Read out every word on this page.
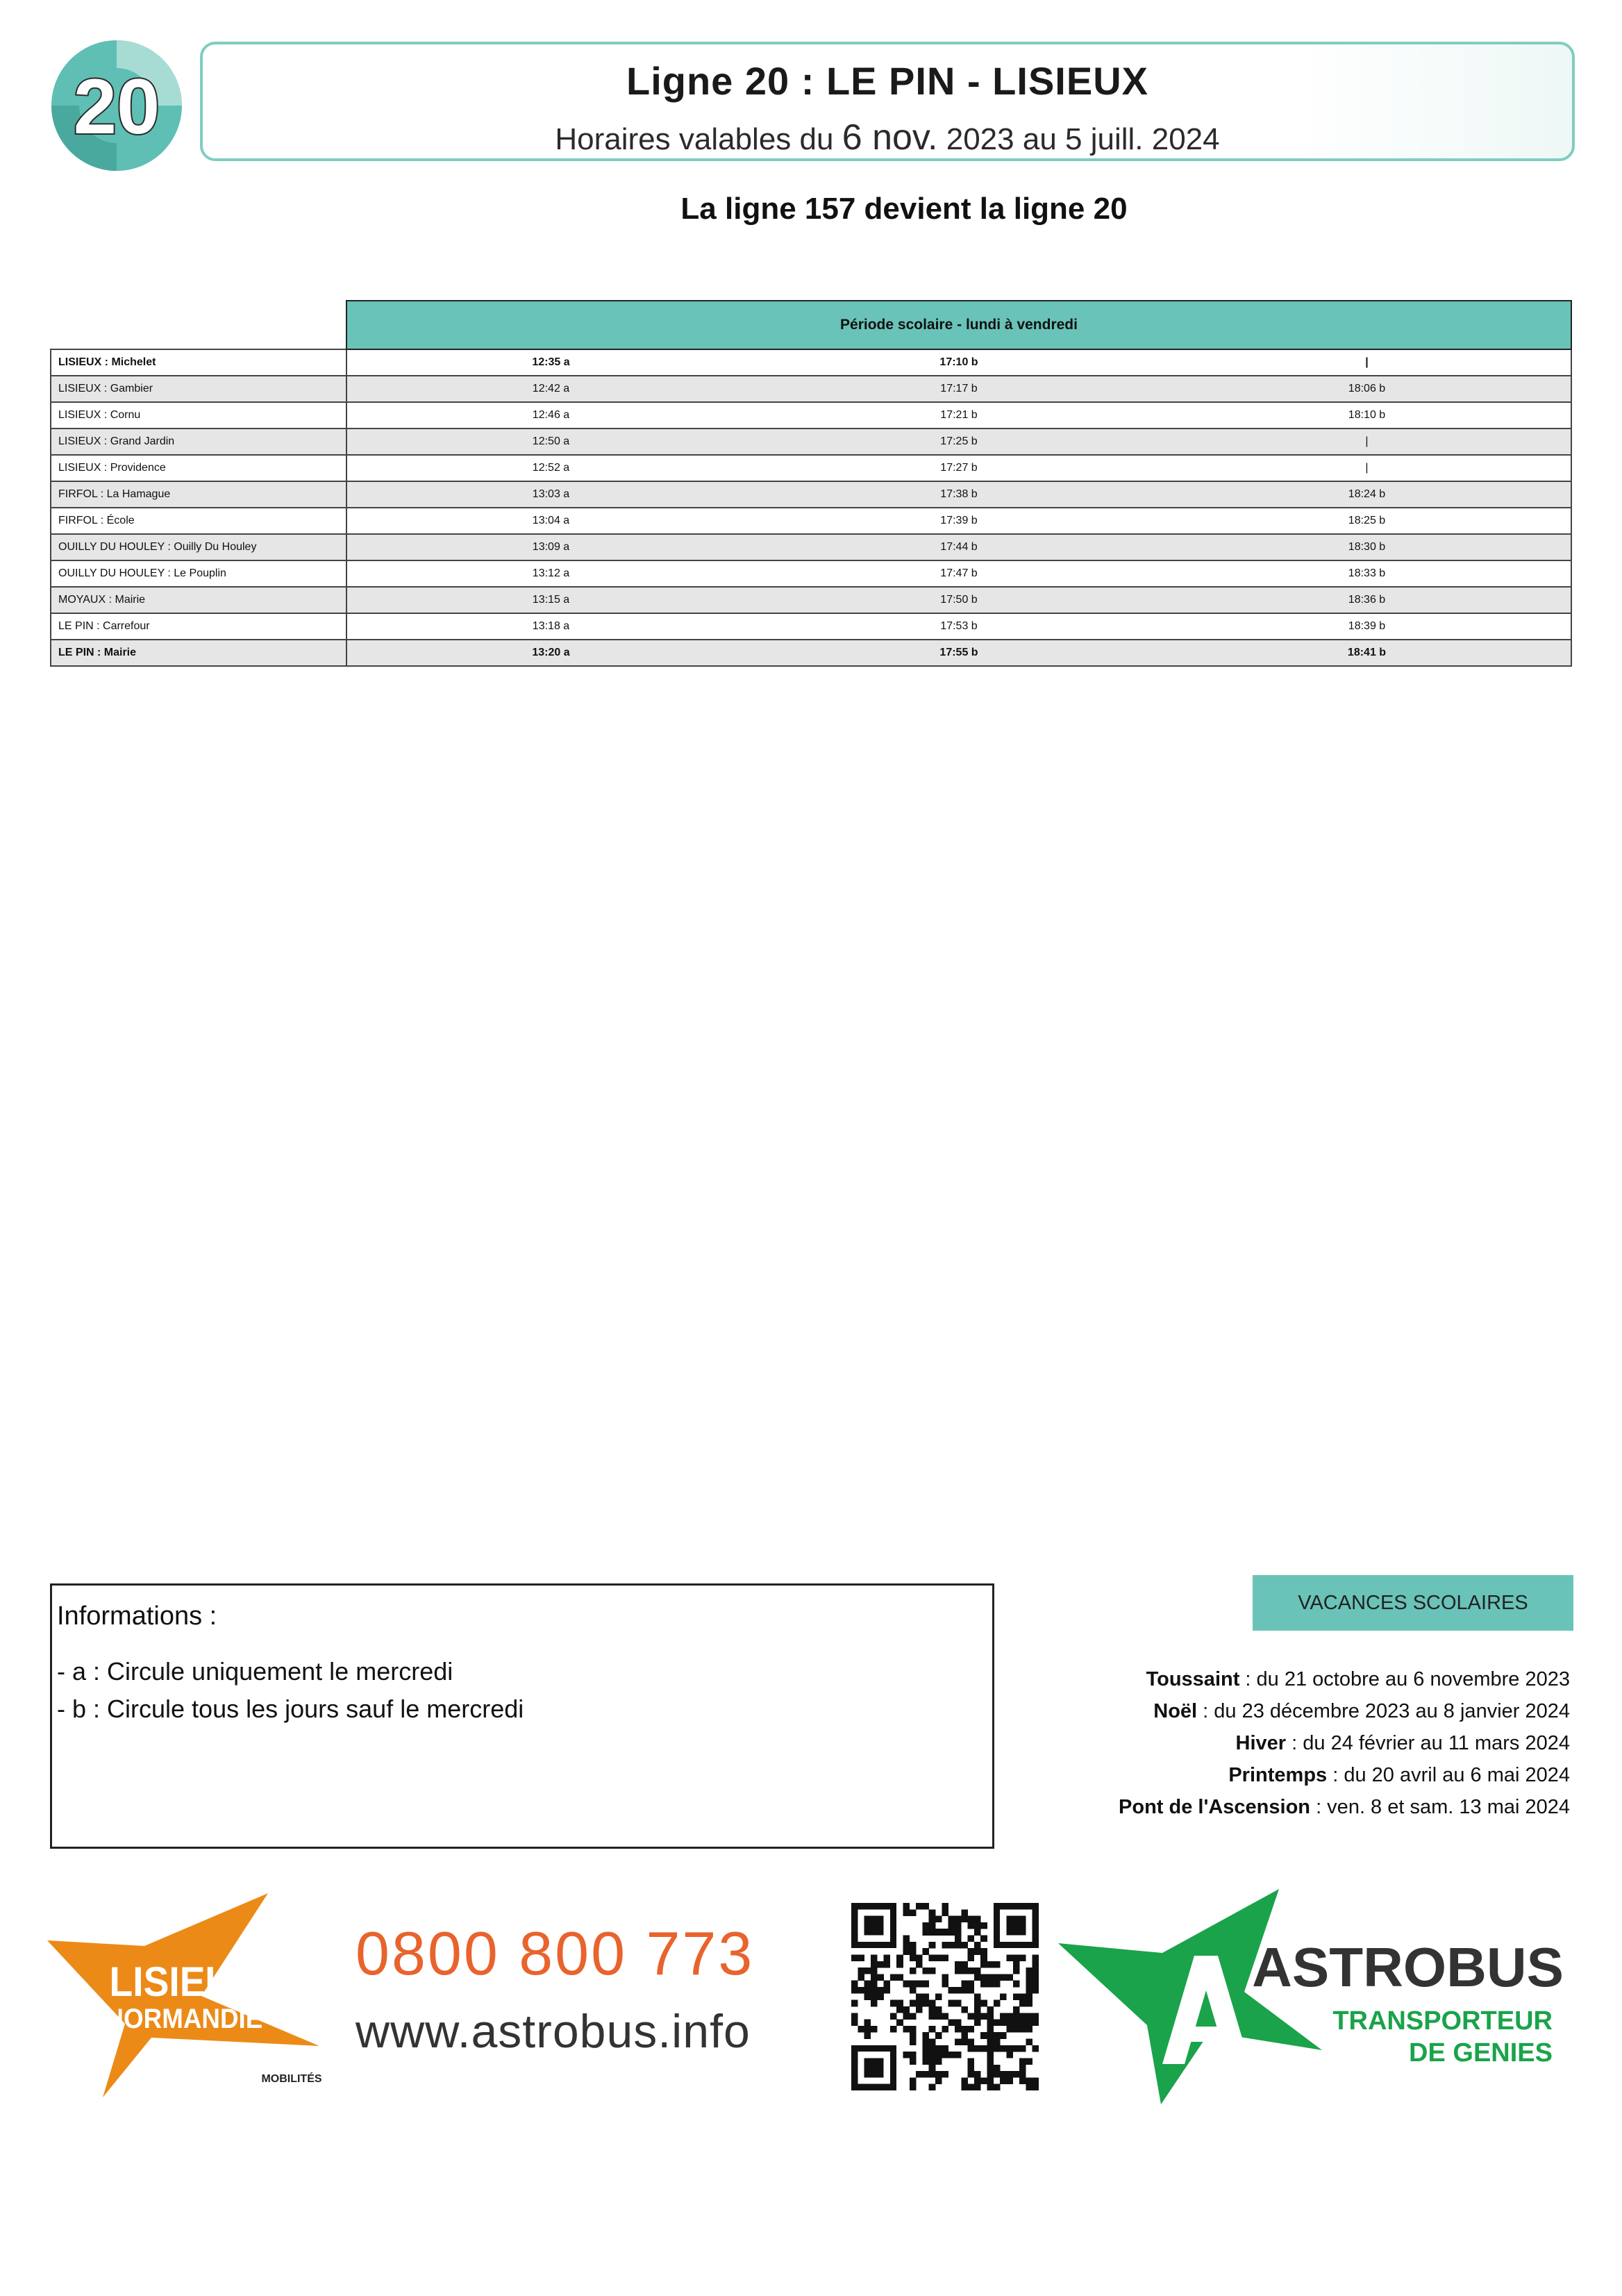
20	Ligne 20 : LE PIN - LISIEUX
Horaires valables du 6 nov. 2023 au 5 juill. 2024
La ligne 157 devient la ligne 20
	Période scolaire - lundi à vendredi		
LISIEUX : Michelet	12:35 a	17:10 b	|
LISIEUX : Gambier	12:42 a	17:17 b	18:06 b
LISIEUX : Cornu	12:46 a	17:21 b	18:10 b
LISIEUX : Grand Jardin	12:50 a	17:25 b	|
LISIEUX : Providence	12:52 a	17:27 b	|
FIRFOL : La Hamague	13:03 a	17:38 b	18:24 b
FIRFOL : École	13:04 a	17:39 b	18:25 b
OUILLY DU HOULEY : Ouilly Du Houley	13:09 a	17:44 b	18:30 b
OUILLY DU HOULEY : Le Pouplin	13:12 a	17:47 b	18:33 b
MOYAUX : Mairie	13:15 a	17:50 b	18:36 b
LE PIN : Carrefour	13:18 a	17:53 b	18:39 b
LE PIN : Mairie	13:20 a	17:55 b	18:41 b
Informations :
- a : Circule uniquement le mercredi
- b : Circule tous les jours sauf le mercredi
VACANCES SCOLAIRES
Toussaint : du 21 octobre au 6 novembre 2023
Noël : du 23 décembre 2023 au 8 janvier 2024
Hiver : du 24 février au 11 mars 2024
Printemps : du 20 avril au 6 mai 2024
Pont de l'Ascension : ven. 8 et sam. 13 mai 2024
LISIEUX
NORMANDIE
MOBILITÉS
0800 800 773
www.astrobus.info
ASTROBUS
TRANSPORTEUR
DE GENIES
